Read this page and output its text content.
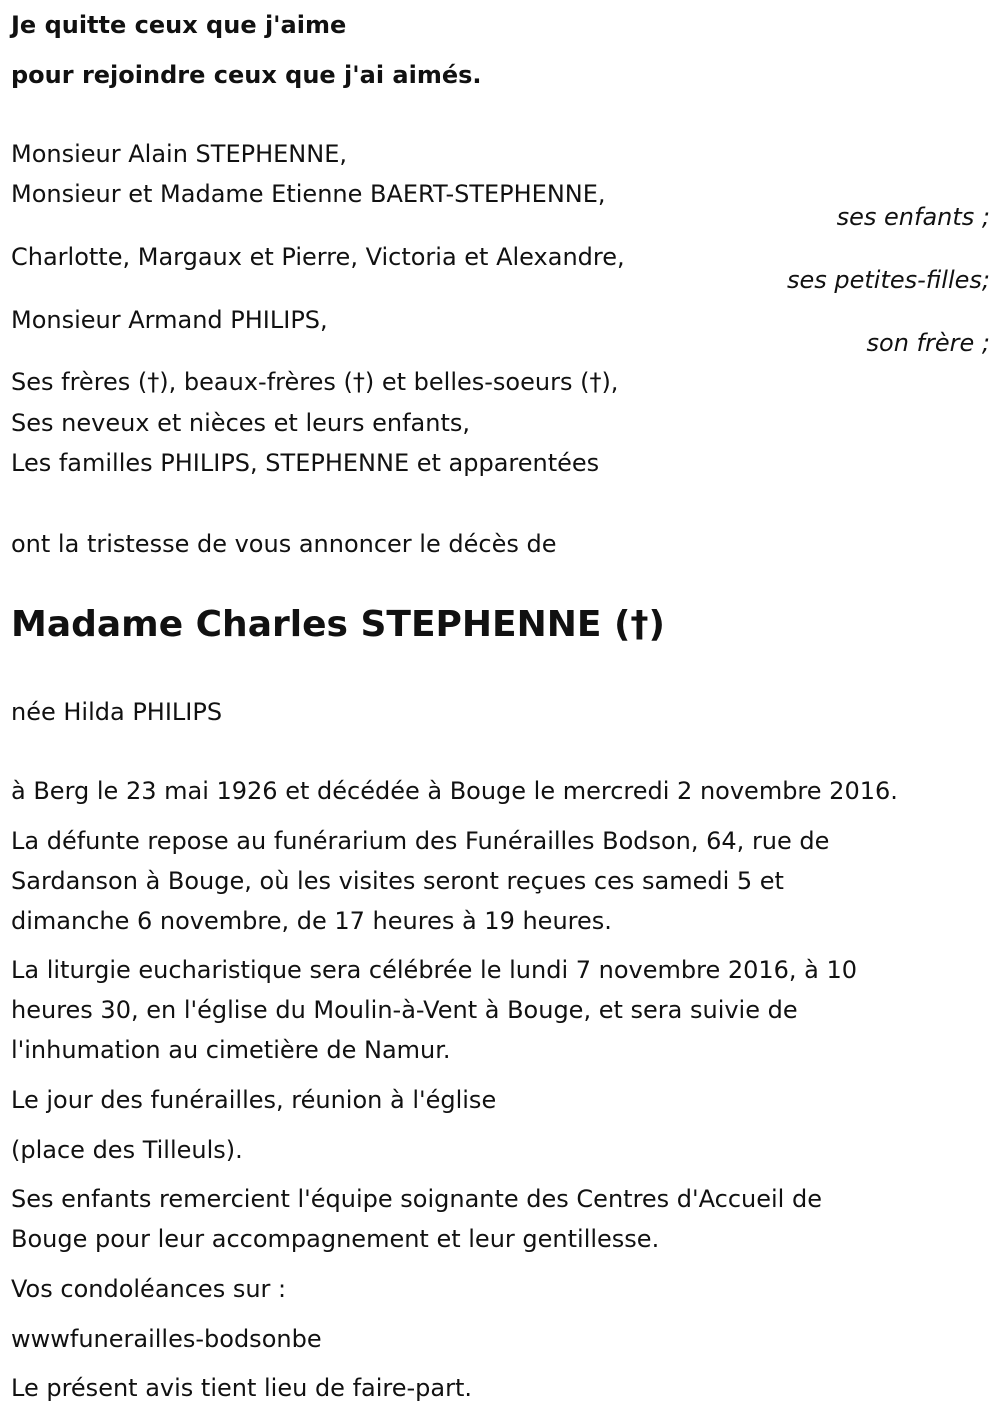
Je quitte ceux que j'aime
pour rejoindre ceux que j'ai aimés.
Monsieur Alain STEPHENNE,
Monsieur et Madame Etienne BAERT-STEPHENNE,
ses enfants ;
Charlotte, Margaux et Pierre, Victoria et Alexandre,
ses petites-filles;
Monsieur Armand PHILIPS,
son frère ;
Ses frères (†), beaux-frères (†) et belles-soeurs (†),
Ses neveux et nièces et leurs enfants,
Les familles PHILIPS, STEPHENNE et apparentées
ont la tristesse de vous annoncer le décès de
Madame Charles STEPHENNE (†)
née Hilda PHILIPS
à Berg le 23 mai 1926 et décédée à Bouge le mercredi 2 novembre 2016.
La défunte repose au funérarium des Funérailles Bodson, 64, rue de
Sardanson à Bouge, où les visites seront reçues ces samedi 5 et
dimanche 6 novembre, de 17 heures à 19 heures.
La liturgie eucharistique sera célébrée le lundi 7 novembre 2016, à 10
heures 30, en l'église du Moulin-à-Vent à Bouge, et sera suivie de
l'inhumation au cimetière de Namur.
Le jour des funérailles, réunion à l'église
(place des Tilleuls).
Ses enfants remercient l'équipe soignante des Centres d'Accueil de
Bouge pour leur accompagnement et leur gentillesse.
Vos condoléances sur :
wwwfunerailles-bodsonbe
Le présent avis tient lieu de faire-part.
